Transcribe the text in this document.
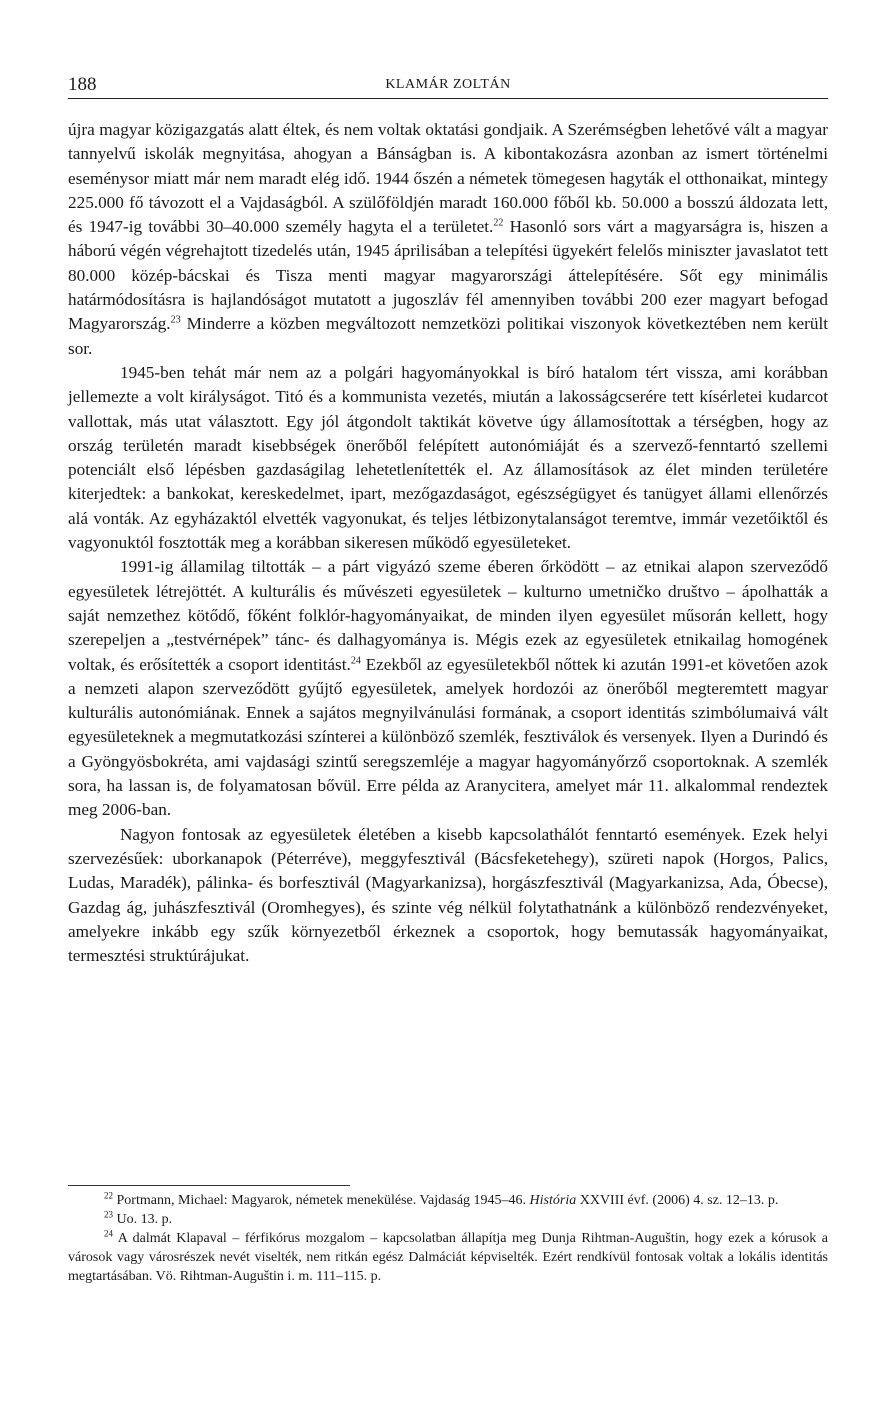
188	KLAMÁR ZOLTÁN

újra magyar közigazgatás alatt éltek, és nem voltak oktatási gondjaik. A Szerémségben lehetővé vált a magyar tannyelvű iskolák megnyitása, ahogyan a Bánságban is. A kibontakozásra azonban az ismert történelmi eseménysor miatt már nem maradt elég idő. 1944 őszén a németek tömegesen hagyták el otthonaikat, mintegy 225.000 fő távozott el a Vajdaságból. A szülőföldjén maradt 160.000 főből kb. 50.000 a bosszú áldozata lett, és 1947-ig további 30–40.000 személy hagyta el a területet.$^{22}$ Hasonló sors várt a magyarságra is, hiszen a háború végén végrehajtott tizedelés után, 1945 áprilisában a telepítési ügyekért felelős miniszter javaslatot tett 80.000 közép-bácskai és Tisza menti magyar magyarországi áttelepítésére. Sőt egy minimális határmódosításra is hajlandóságot mutatott a jugoszláv fél amennyiben további 200 ezer magyart befogad Magyarország.$^{23}$ Minderre a közben megváltozott nemzetközi politikai viszonyok következtében nem került sor.

1945-ben tehát már nem az a polgári hagyományokkal is bíró hatalom tért vissza, ami korábban jellemezte a volt királyságot. Titó és a kommunista vezetés, miután a lakosságcserére tett kísérletei kudarcot vallottak, más utat választott. Egy jól átgondolt taktikát követve úgy államosítottak a térségben, hogy az ország területén maradt kisebbségek önerőből felépített autonómiáját és a szervező-fenntartó szellemi potenciált első lépésben gazdaságilag lehetetlenítették el. Az államosítások az élet minden területére kiterjedtek: a bankokat, kereskedelmet, ipart, mezőgazdaságot, egészségügyet és tanügyet állami ellenőrzés alá vonták. Az egyházaktól elvették vagyonukat, és teljes létbizonytalanságot teremtve, immár vezetőiktől és vagyonuktól fosztották meg a korábban sikeresen működő egyesületeket.

1991-ig államilag tiltották – a párt vigyázó szeme éberen őrködött – az etnikai alapon szerveződő egyesületek létrejöttét. A kulturális és művészeti egyesületek – kulturno umetničko društvo – ápolhatták a saját nemzethez kötődő, főként folklór-hagyományaikat, de minden ilyen egyesület műsorán kellett, hogy szerepeljen a „testvérnépek” tánc- és dalhagyománya is. Mégis ezek az egyesületek etnikailag homogének voltak, és erősítették a csoport identitást.$^{24}$ Ezekből az egyesületekből nőttek ki azután 1991-et követően azok a nemzeti alapon szerveződött gyűjtő egyesületek, amelyek hordozói az önerőből megteremtett magyar kulturális autonómiának. Ennek a sajátos megnyilvánulási formának, a csoport identitás szimbólumaivá vált egyesületeknek a megmutatkozási színterei a különböző szemlék, fesztiválok és versenyek. Ilyen a Durindó és a Gyöngyösbokréta, ami vajdasági szintű seregszemléje a magyar hagyományőrző csoportoknak. A szemlék sora, ha lassan is, de folyamatosan bővül. Erre példa az Aranycitera, amelyet már 11. alkalommal rendeztek meg 2006-ban.

Nagyon fontosak az egyesületek életében a kisebb kapcsolathálót fenntartó események. Ezek helyi szervezésűek: uborkanapok (Péterréve), meggyfesztivál (Bácsfeketehegy), szüreti napok (Horgos, Palics, Ludas, Maradék), pálinka- és borfesztivál (Magyarkanizsa), horgászfesztivál (Magyarkanizsa, Ada, Óbecse), Gazdag ág, juhászfesztivál (Oromhegyes), és szinte vég nélkül folytathatnánk a különböző rendezvényeket, amelyekre inkább egy szűk környezetből érkeznek a csoportok, hogy bemutassák hagyományaikat, termesztési struktúrájukat.

$^{22}$ Portmann, Michael: Magyarok, németek menekülése. Vajdaság 1945–46. História XXVIII évf. (2006) 4. sz. 12–13. p.

$^{23}$ Uo. 13. p.

$^{24}$ A dalmát Klapaval – férfikórus mozgalom – kapcsolatban állapítja meg Dunja Rihtman-Auguštin, hogy ezek a kórusok a városok vagy városrészek nevét viselték, nem ritkán egész Dalmáciát képviselték. Ezért rendkívül fontosak voltak a lokális identitás megtartásában. Vö. Rihtman-Auguštin i. m. 111–115. p.
